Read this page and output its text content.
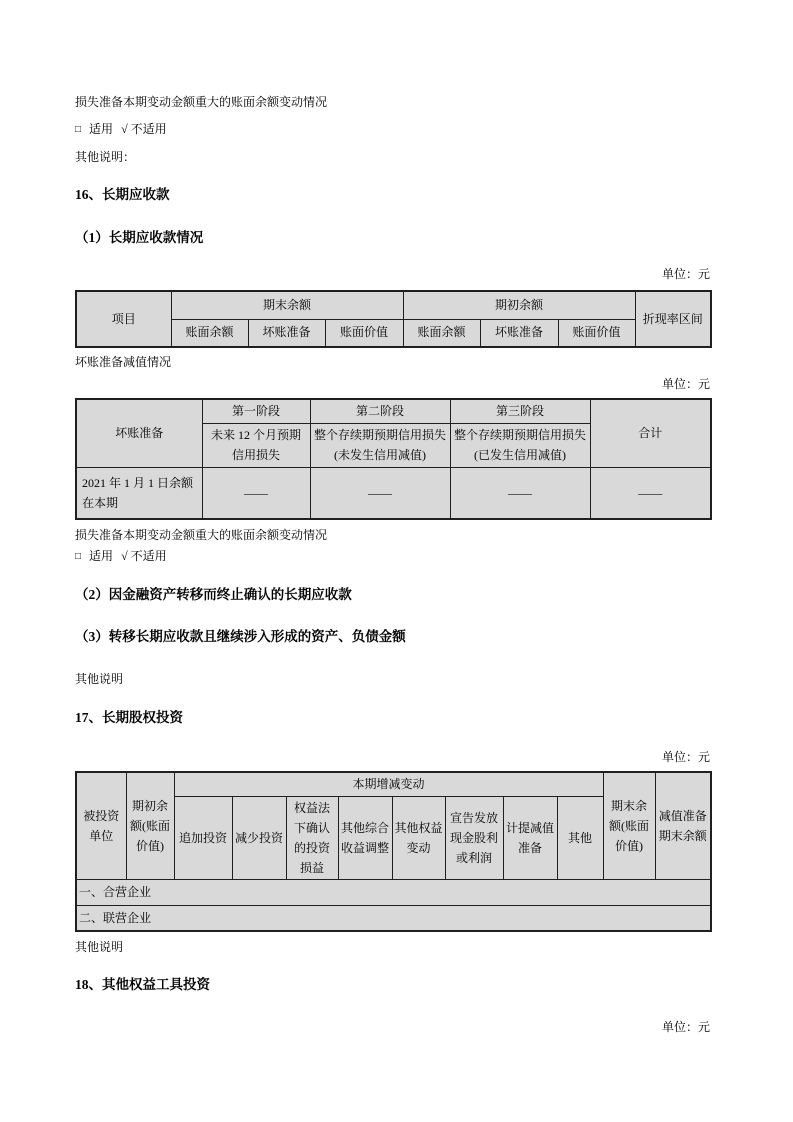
损失准备本期变动金额重大的账面余额变动情况

□ 适用 √ 不适用

其他说明：

16、长期应收款

（1）长期应收款情况

单位：元

项目	期末余额			期初余额			折现率区间
	账面余额	坏账准备	账面价值	账面余额	坏账准备	账面价值	

坏账准备减值情况

单位：元

坏账准备	第一阶段	第二阶段	第三阶段	合计
	未来 12 个月预期信用损失	整个存续期预期信用损失(未发生信用减值)	整个存续期预期信用损失(已发生信用减值)	
2021 年 1 月 1 日余额在本期	——	——	——	——

损失准备本期变动金额重大的账面余额变动情况

□ 适用 √ 不适用

（2）因金融资产转移而终止确认的长期应收款

（3）转移长期应收款且继续涉入形成的资产、负债金额

其他说明

17、长期股权投资

单位：元

被投资单位	期初余额(账面价值)	本期增减变动								期末余额(账面价值)	减值准备期末余额
		追加投资	减少投资	权益法下确认的投资损益	其他综合收益调整	其他权益变动	宣告发放现金股利或利润	计提减值准备	其他		
一、合营企业											
二、联营企业											

其他说明

18、其他权益工具投资

单位：元
